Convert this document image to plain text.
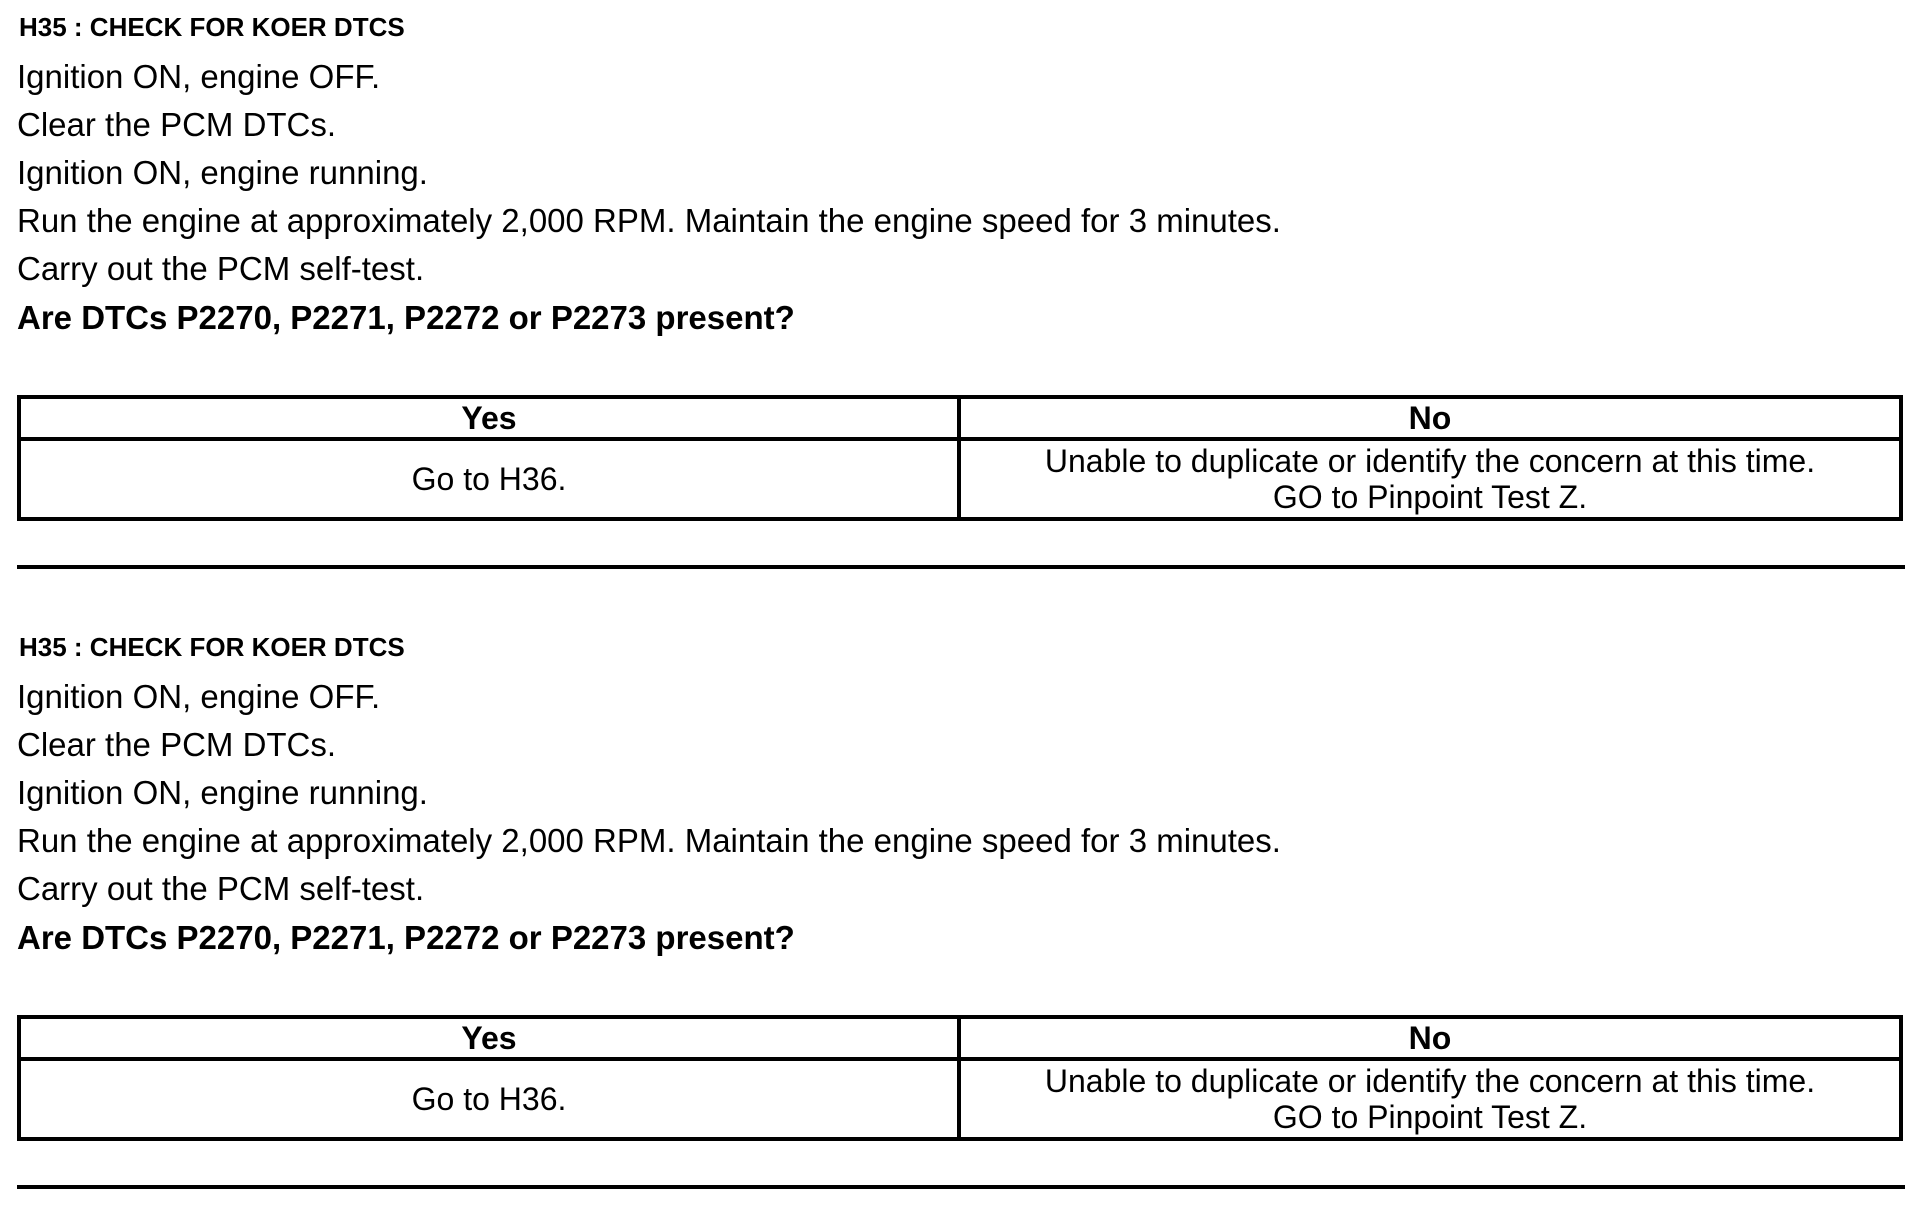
H35 : CHECK FOR KOER DTCS
Ignition ON, engine OFF.
Clear the PCM DTCs.
Ignition ON, engine running.
Run the engine at approximately 2,000 RPM. Maintain the engine speed for 3 minutes.
Carry out the PCM self-test.
Are DTCs P2270, P2271, P2272 or P2273 present?
Yes	No

Go to H36.	Unable to duplicate or identify the concern at this time.
GO to Pinpoint Test Z.
H35 : CHECK FOR KOER DTCS
Ignition ON, engine OFF.
Clear the PCM DTCs.
Ignition ON, engine running.
Run the engine at approximately 2,000 RPM. Maintain the engine speed for 3 minutes.
Carry out the PCM self-test.
Are DTCs P2270, P2271, P2272 or P2273 present?
Yes	No

Go to H36.	Unable to duplicate or identify the concern at this time.
GO to Pinpoint Test Z.
